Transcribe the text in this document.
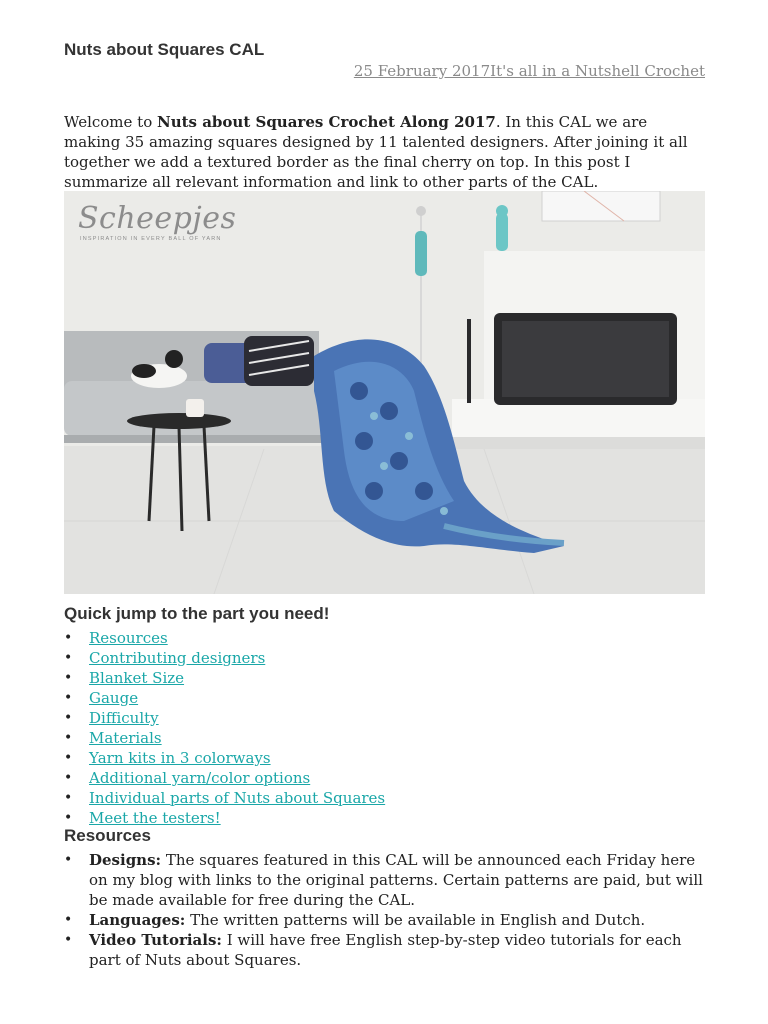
Nuts about Squares CAL
25 February 2017It's all in a Nutshell Crochet

Welcome to Nuts about Squares Crochet Along 2017. In this CAL we are making 35 amazing squares designed by 11 talented designers. After joining it all together we add a textured border as the final cherry on top. In this post I summarize all relevant information and link to other parts of the CAL.

Scheepjes
INSPIRATION IN EVERY BALL OF YARN
Quick jump to the part you need!
• Resources
• Contributing designers
• Blanket Size
• Gauge
• Difficulty
• Materials
• Yarn kits in 3 colorways
• Additional yarn/color options
• Individual parts of Nuts about Squares
• Meet the testers!
Resources
• Designs: The squares featured in this CAL will be announced each Friday here on my blog with links to the original patterns. Certain patterns are paid, but will be made available for free during the CAL.
• Languages: The written patterns will be available in English and Dutch.
• Video Tutorials: I will have free English step-by-step video tutorials for each part of Nuts about Squares.
